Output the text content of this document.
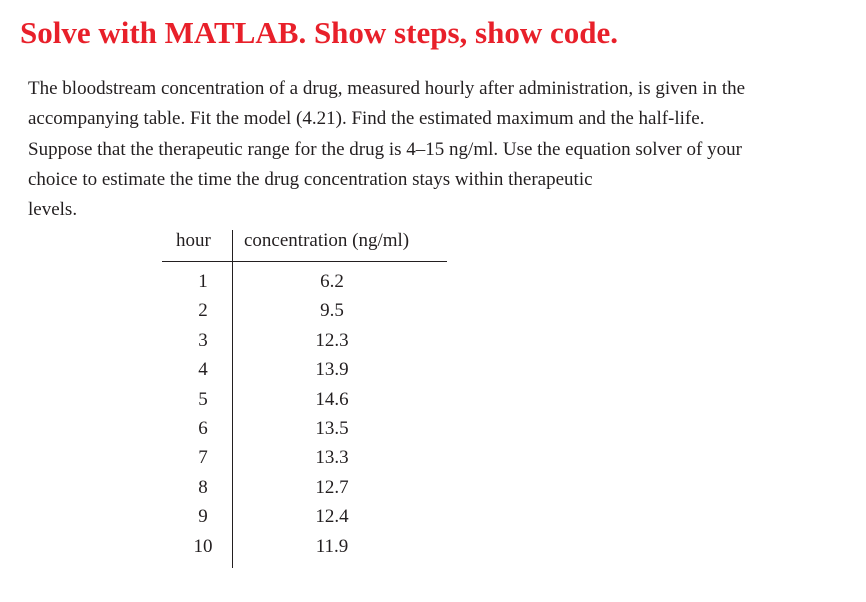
Solve with MATLAB. Show steps, show code.
The bloodstream concentration of a drug, measured hourly after administration, is given in the
accompanying table. Fit the model (4.21). Find the estimated maximum and the half-life.
Suppose that the therapeutic range for the drug is 4–15 ng/ml. Use the equation solver of your
choice to estimate the time the drug concentration stays within therapeutic
levels.
hour concentration (ng/ml)
1	6.2
2	9.5
3	12.3
4	13.9
5	14.6
6	13.5
7	13.3
8	12.7
9	12.4
10	11.9
